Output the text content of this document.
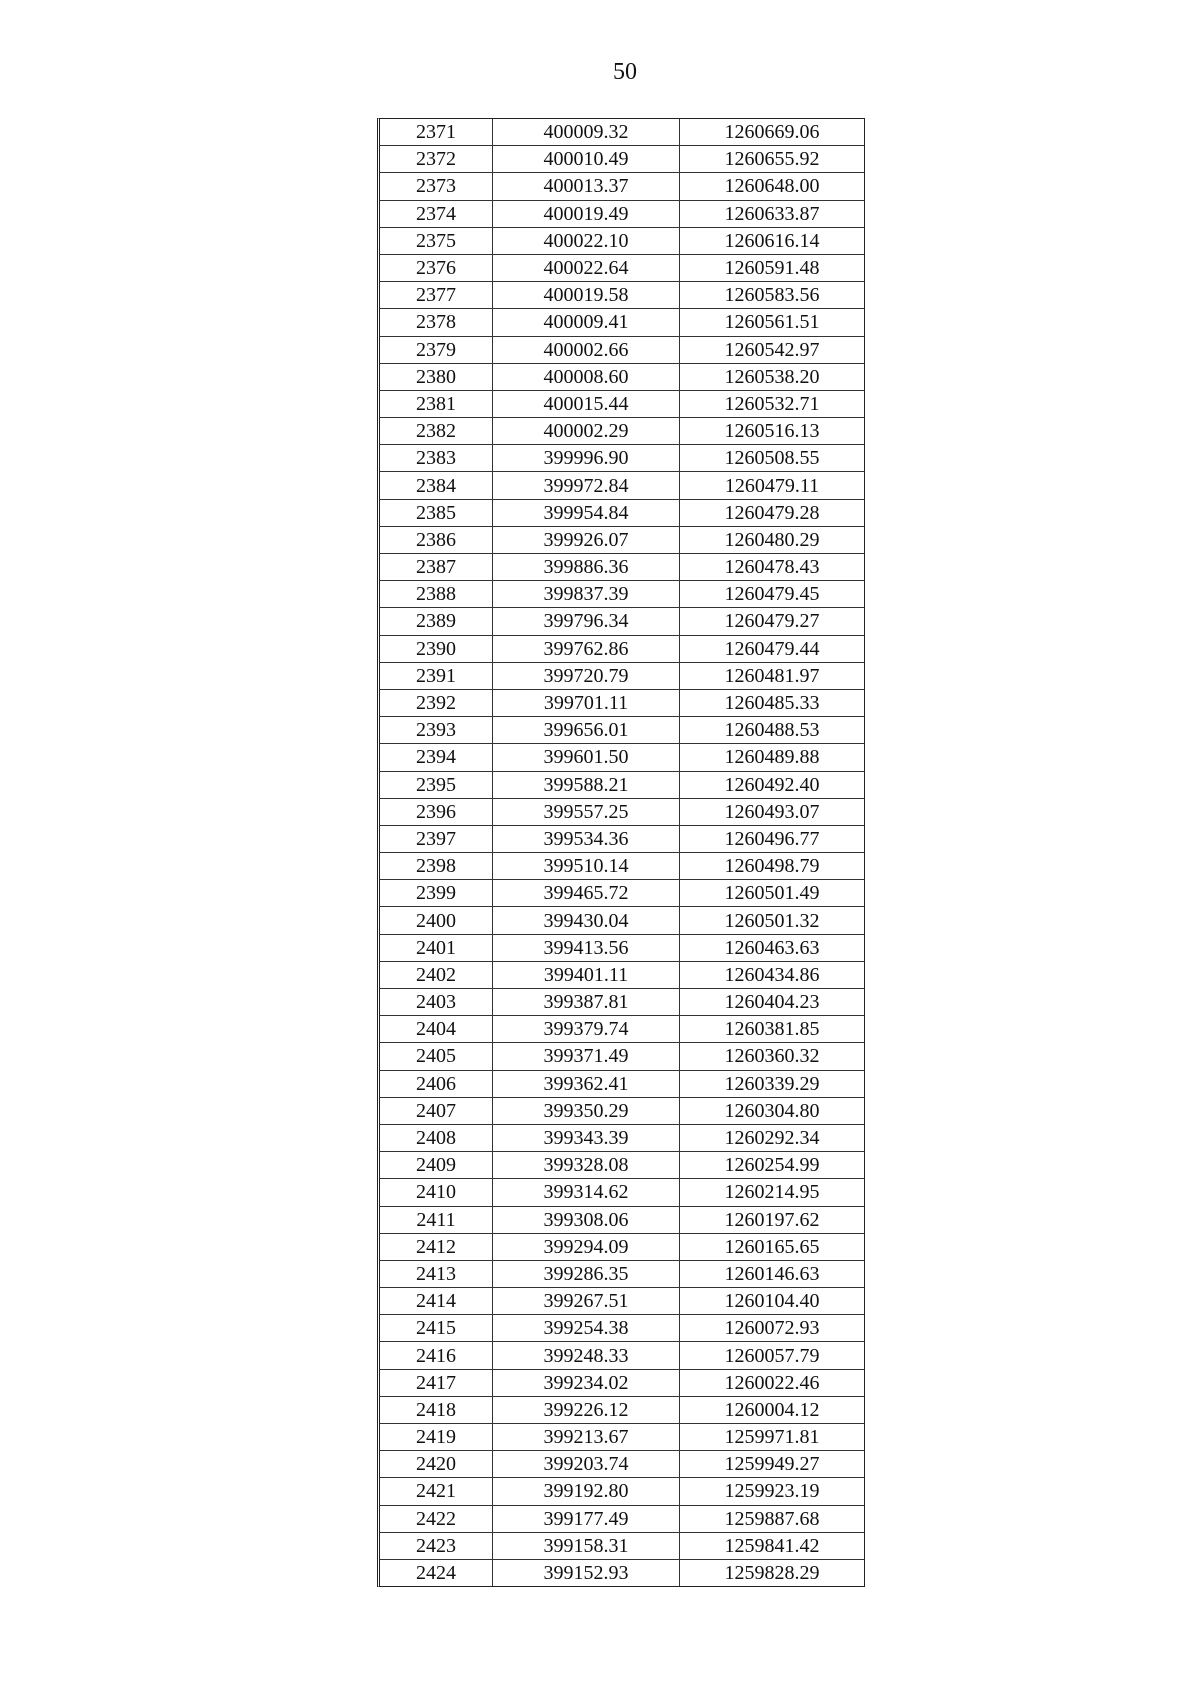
50
2371	400009.32	1260669.06
2372	400010.49	1260655.92
2373	400013.37	1260648.00
2374	400019.49	1260633.87
2375	400022.10	1260616.14
2376	400022.64	1260591.48
2377	400019.58	1260583.56
2378	400009.41	1260561.51
2379	400002.66	1260542.97
2380	400008.60	1260538.20
2381	400015.44	1260532.71
2382	400002.29	1260516.13
2383	399996.90	1260508.55
2384	399972.84	1260479.11
2385	399954.84	1260479.28
2386	399926.07	1260480.29
2387	399886.36	1260478.43
2388	399837.39	1260479.45
2389	399796.34	1260479.27
2390	399762.86	1260479.44
2391	399720.79	1260481.97
2392	399701.11	1260485.33
2393	399656.01	1260488.53
2394	399601.50	1260489.88
2395	399588.21	1260492.40
2396	399557.25	1260493.07
2397	399534.36	1260496.77
2398	399510.14	1260498.79
2399	399465.72	1260501.49
2400	399430.04	1260501.32
2401	399413.56	1260463.63
2402	399401.11	1260434.86
2403	399387.81	1260404.23
2404	399379.74	1260381.85
2405	399371.49	1260360.32
2406	399362.41	1260339.29
2407	399350.29	1260304.80
2408	399343.39	1260292.34
2409	399328.08	1260254.99
2410	399314.62	1260214.95
2411	399308.06	1260197.62
2412	399294.09	1260165.65
2413	399286.35	1260146.63
2414	399267.51	1260104.40
2415	399254.38	1260072.93
2416	399248.33	1260057.79
2417	399234.02	1260022.46
2418	399226.12	1260004.12
2419	399213.67	1259971.81
2420	399203.74	1259949.27
2421	399192.80	1259923.19
2422	399177.49	1259887.68
2423	399158.31	1259841.42
2424	399152.93	1259828.29
